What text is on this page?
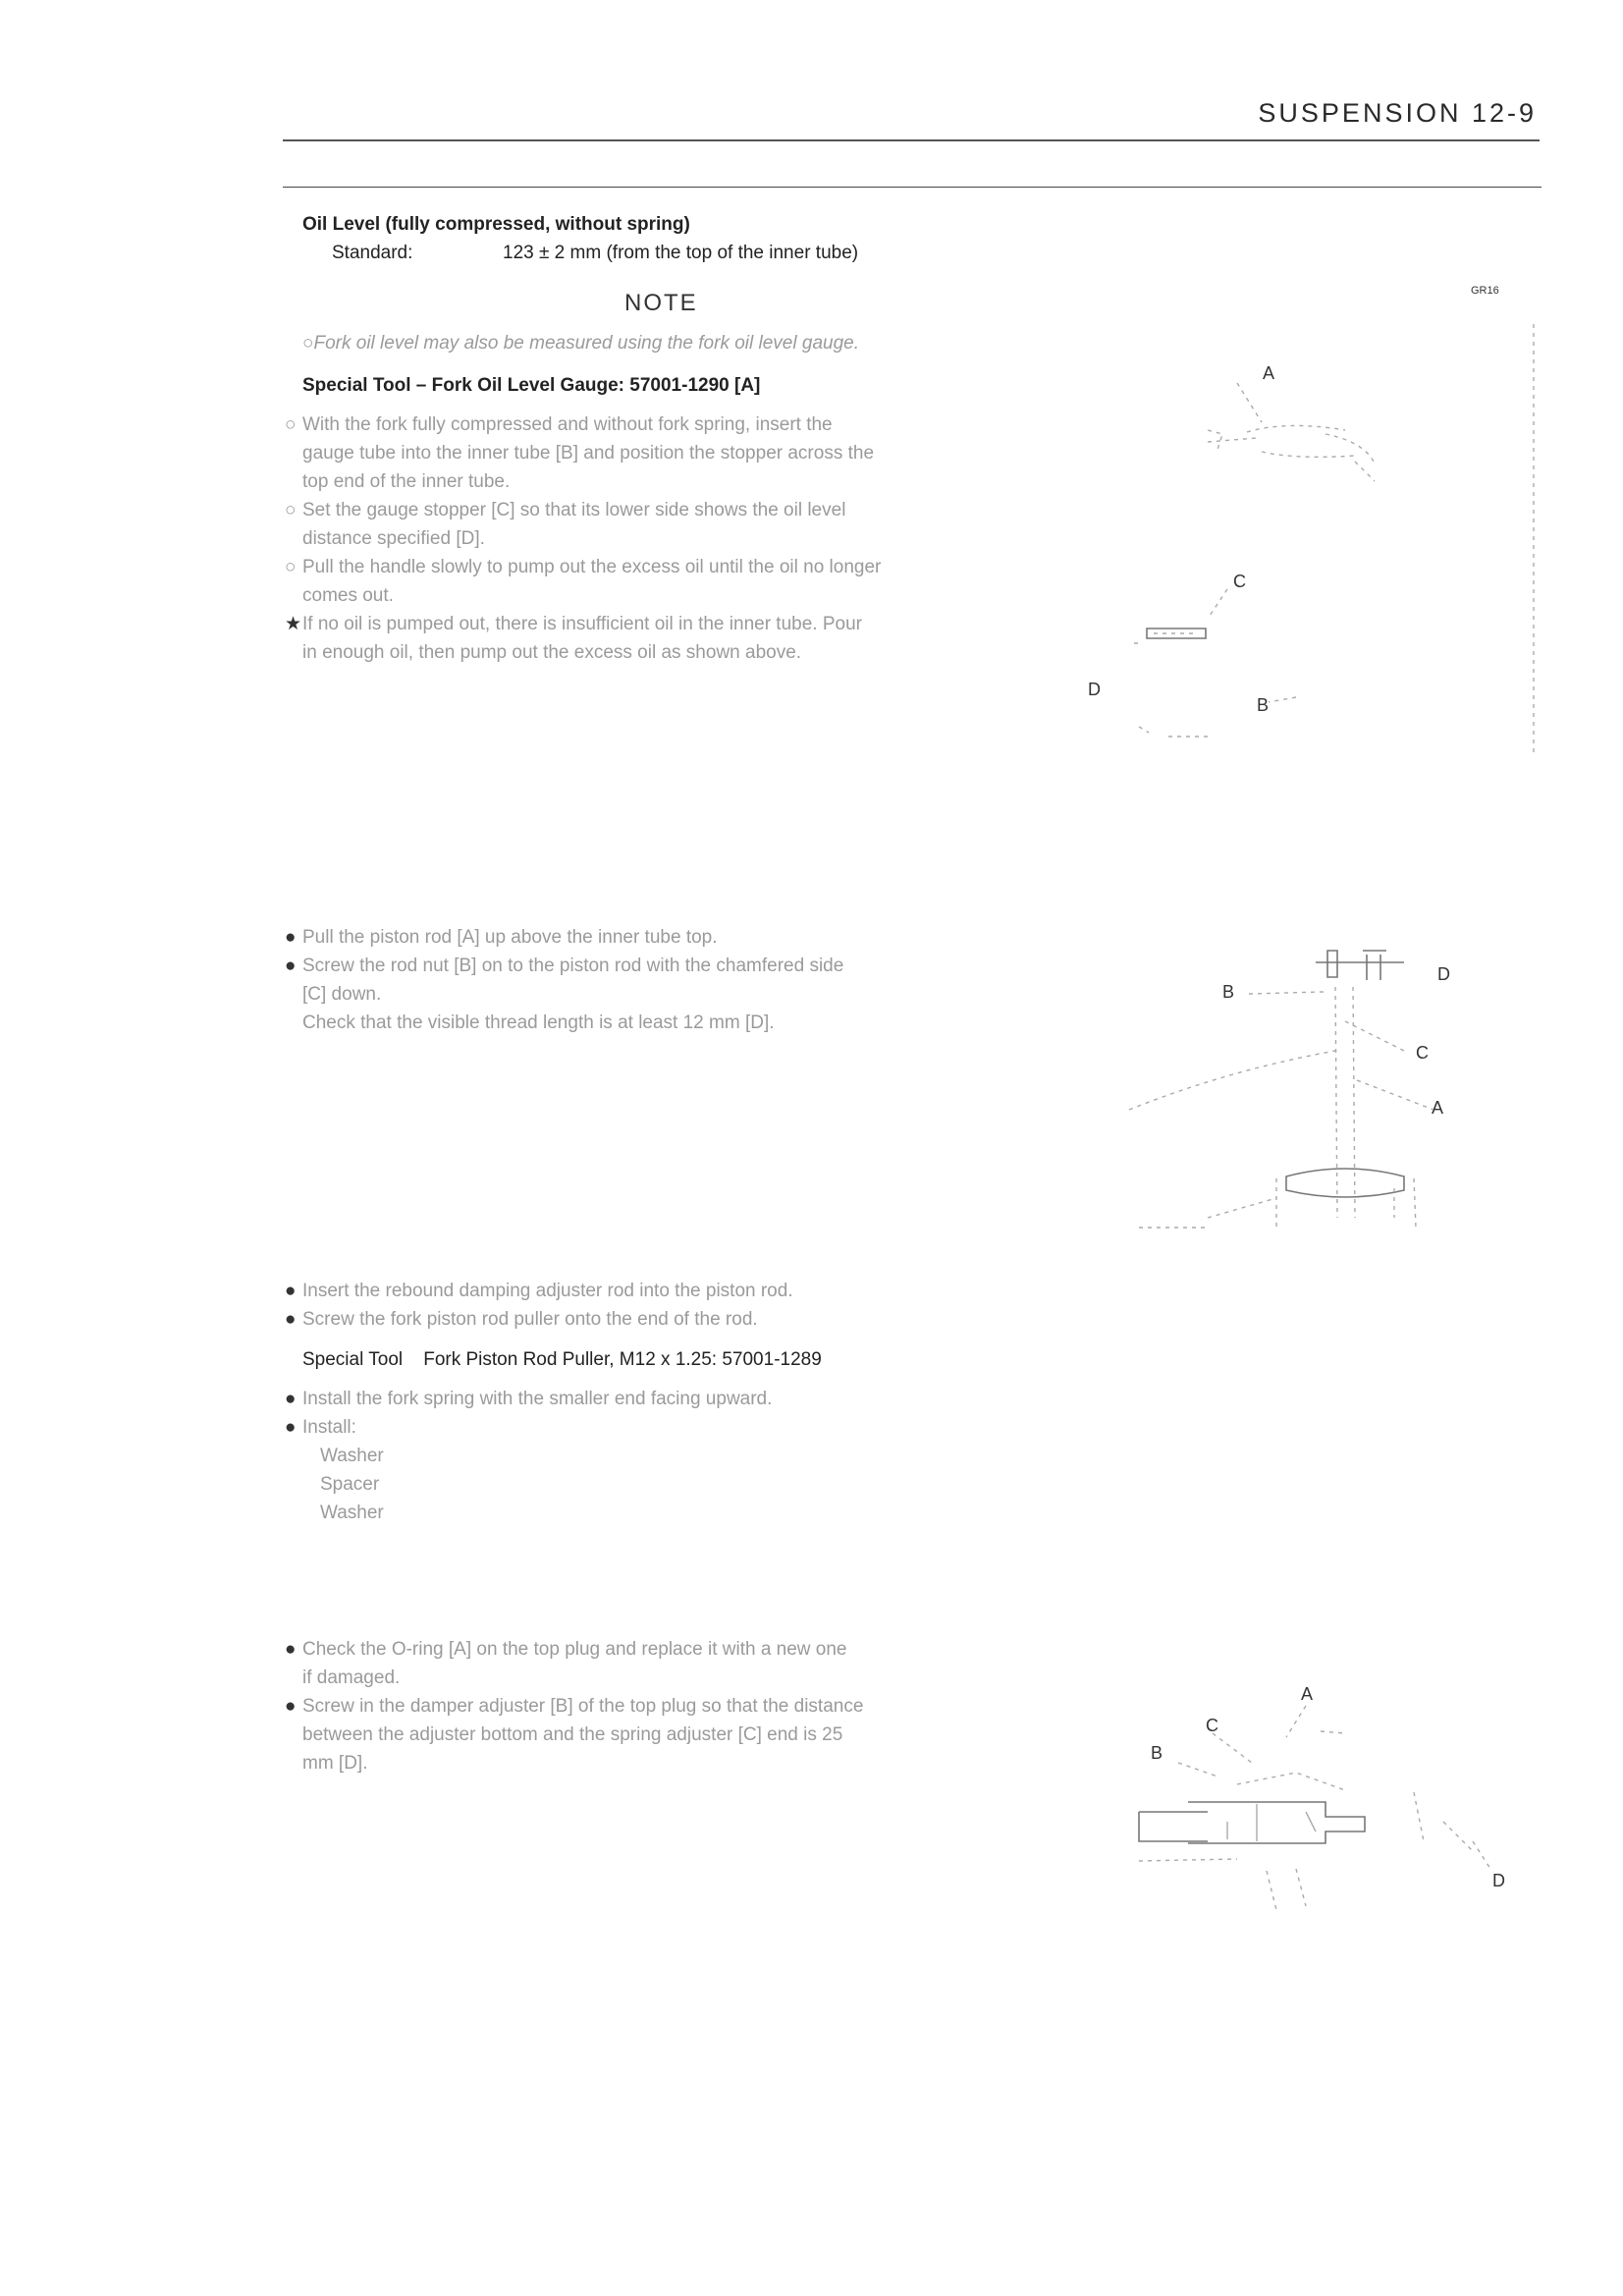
SUSPENSION 12-9
Oil Level (fully compressed, without spring)
Standard:	123 ± 2 mm (from the top of the inner tube)
NOTE
○Fork oil level may also be measured using the fork oil level gauge.
Special Tool – Fork Oil Level Gauge: 57001-1290 [A]
○ With the fork fully compressed and without fork spring, insert the
gauge tube into the inner tube [B] and position the stopper across the
top end of the inner tube.
○ Set the gauge stopper [C] so that its lower side shows the oil level
distance specified [D].
○ Pull the handle slowly to pump out the excess oil until the oil no longer
comes out.
★If no oil is pumped out, there is insufficient oil in the inner tube. Pour
in enough oil, then pump out the excess oil as shown above.
GR16
A
C
D
B
● Pull the piston rod [A] up above the inner tube top.
● Screw the rod nut [B] on to the piston rod with the chamfered side
[C] down.
Check that the visible thread length is at least 12 mm [D].
B
D
C
A
● Insert the rebound damping adjuster rod into the piston rod.
● Screw the fork piston rod puller onto the end of the rod.
Special Tool    Fork Piston Rod Puller, M12 x 1.25: 57001-1289
● Install the fork spring with the smaller end facing upward.
● Install:
Washer
Spacer
Washer
● Check the O-ring [A] on the top plug and replace it with a new one
if damaged.
● Screw in the damper adjuster [B] of the top plug so that the distance
between the adjuster bottom and the spring adjuster [C] end is 25
mm [D].
A
C
B
D
